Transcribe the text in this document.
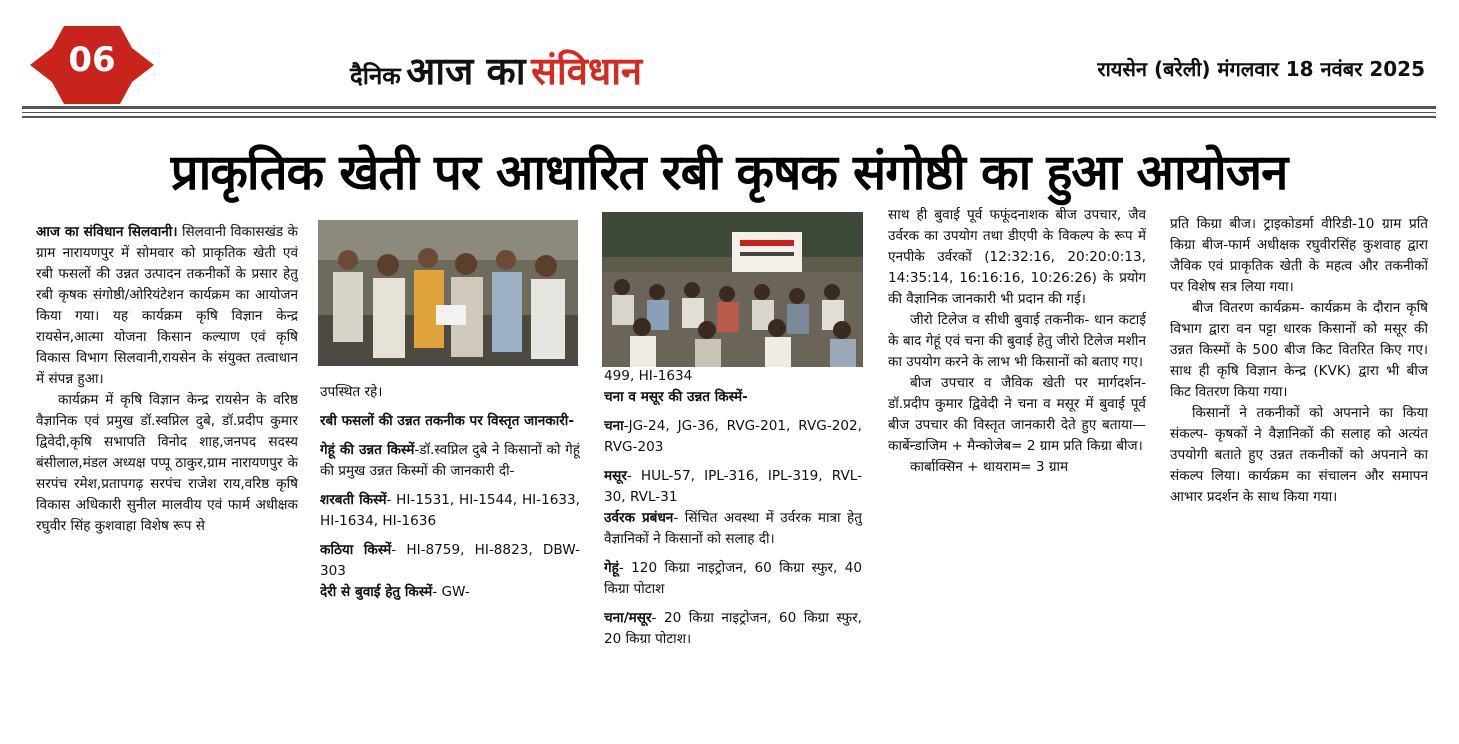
06	दैनिक आज का संविधान	रायसेन (बरेली) मंगलवार 18 नवंबर 2025
प्राकृतिक खेती पर आधारित रबी कृषक संगोष्ठी का हुआ आयोजन

आज का संविधान सिलवानी। सिलवानी विकासखंड के ग्राम नारायणपुर में सोमवार को प्राकृतिक खेती एवं रबी फसलों की उन्नत उत्पादन तकनीकों के प्रसार हेतु रबी कृषक संगोष्ठी/ओरियंटेशन कार्यक्रम का आयोजन किया गया। यह कार्यक्रम कृषि विज्ञान केन्द्र रायसेन,आत्मा योजना किसान कल्याण एवं कृषि विकास विभाग सिलवानी,रायसेन के संयुक्त तत्वाधान में संपन्न हुआ।

कार्यक्रम में कृषि विज्ञान केन्द्र रायसेन के वरिष्ठ वैज्ञानिक एवं प्रमुख डॉ.स्वप्निल दुबे, डॉ.प्रदीप कुमार द्विवेदी,कृषि सभापति विनोद शाह,जनपद सदस्य बंसीलाल,मंडल अध्यक्ष पप्पू ठाकुर,ग्राम नारायणपुर के सरपंच रमेश,प्रतापगढ़ सरपंच राजेश राय,वरिष्ठ कृषि विकास अधिकारी सुनील मालवीय एवं फार्म अधीक्षक रघुवीर सिंह कुशवाहा विशेष रूप से

उपस्थित रहे।

रबी फसलों की उन्नत तकनीक पर विस्तृत जानकारी-

गेहूं की उन्नत किस्में-डॉ.स्वप्निल दुबे ने किसानों को गेहूं की प्रमुख उन्नत किस्मों की जानकारी दी-

शरबती किस्में- HI-1531, HI-1544, HI-1633, HI-1634, HI-1636

कठिया किस्में- HI-8759, HI-8823, DBW-303

देरी से बुवाई हेतु किस्में- GW-

499, HI-1634

चना व मसूर की उन्नत किस्में-

चना-JG-24, JG-36, RVG-201, RVG-202, RVG-203

मसूर- HUL-57, IPL-316, IPL-319, RVL-30, RVL-31

उर्वरक प्रबंधन- सिंचित अवस्था में उर्वरक मात्रा हेतु वैज्ञानिकों ने किसानों को सलाह दी।

गेहूं- 120 किग्रा नाइट्रोजन, 60 किग्रा स्फुर, 40 किग्रा पोटाश

चना/मसूर- 20 किग्रा नाइट्रोजन, 60 किग्रा स्फुर, 20 किग्रा पोटाश।

साथ ही बुवाई पूर्व फफूंदनाशक बीज उपचार, जैव उर्वरक का उपयोग तथा डीएपी के विकल्प के रूप में एनपीके उर्वरकों (12:32:16, 20:20:0:13, 14:35:14, 16:16:16, 10:26:26) के प्रयोग की वैज्ञानिक जानकारी भी प्रदान की गई।

जीरो टिलेज व सीधी बुवाई तकनीक- धान कटाई के बाद गेहूं एवं चना की बुवाई हेतु जीरो टिलेज मशीन का उपयोग करने के लाभ भी किसानों को बताए गए।

बीज उपचार व जैविक खेती पर मार्गदर्शन-डॉ.प्रदीप कुमार द्विवेदी ने चना व मसूर में बुवाई पूर्व बीज उपचार की विस्तृत जानकारी देते हुए बताया—कार्बेन्डाजिम + मैन्कोजेब= 2 ग्राम प्रति किग्रा बीज।

कार्बाक्सिन + थायराम= 3 ग्राम

प्रति किग्रा बीज। ट्राइकोडर्मा वीरिडी-10 ग्राम प्रति किग्रा बीज-फार्म अधीक्षक रघुवीरसिंह कुशवाह द्वारा जैविक एवं प्राकृतिक खेती के महत्व और तकनीकों पर विशेष सत्र लिया गया।

बीज वितरण कार्यक्रम- कार्यक्रम के दौरान कृषि विभाग द्वारा वन पट्टा धारक किसानों को मसूर की उन्नत किस्मों के 500 बीज किट वितरित किए गए। साथ ही कृषि विज्ञान केन्द्र (KVK) द्वारा भी बीज किट वितरण किया गया।

किसानों ने तकनीकों को अपनाने का किया संकल्प- कृषकों ने वैज्ञानिकों की सलाह को अत्यंत उपयोगी बताते हुए उन्नत तकनीकों को अपनाने का संकल्प लिया। कार्यक्रम का संचालन और समापन आभार प्रदर्शन के साथ किया गया।
